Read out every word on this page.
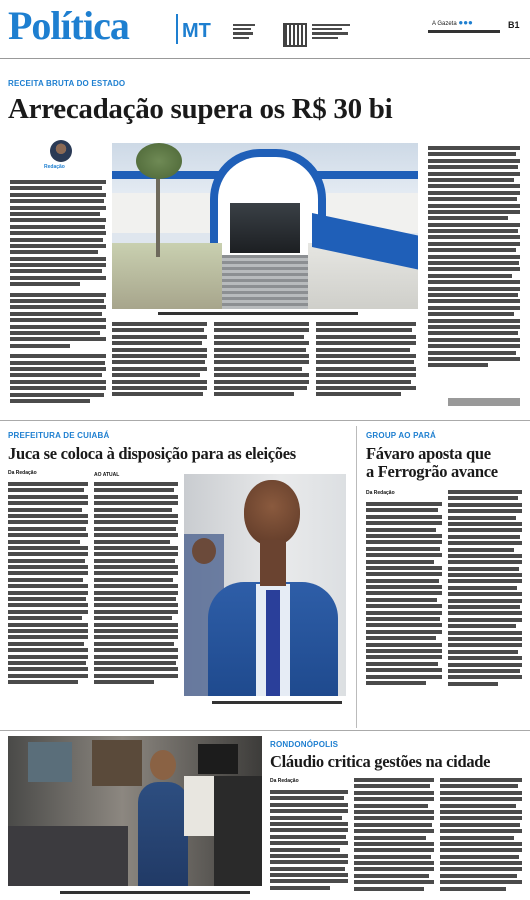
Política	MT	A Gazeta ●●●	B1
RECEITA BRUTA DO ESTADO
Arrecadação supera os R$ 30 bi
Redação
PREFEITURA DE CUIABÁ
Juca se coloca à disposição para as eleições
Da Redação	AO ATUAL
GROUP AO PARÁ
Fávaro aposta que
a Ferrogrão avance
Da Redação
RONDONÓPOLIS
Cláudio critica gestões na cidade
Da Redação
